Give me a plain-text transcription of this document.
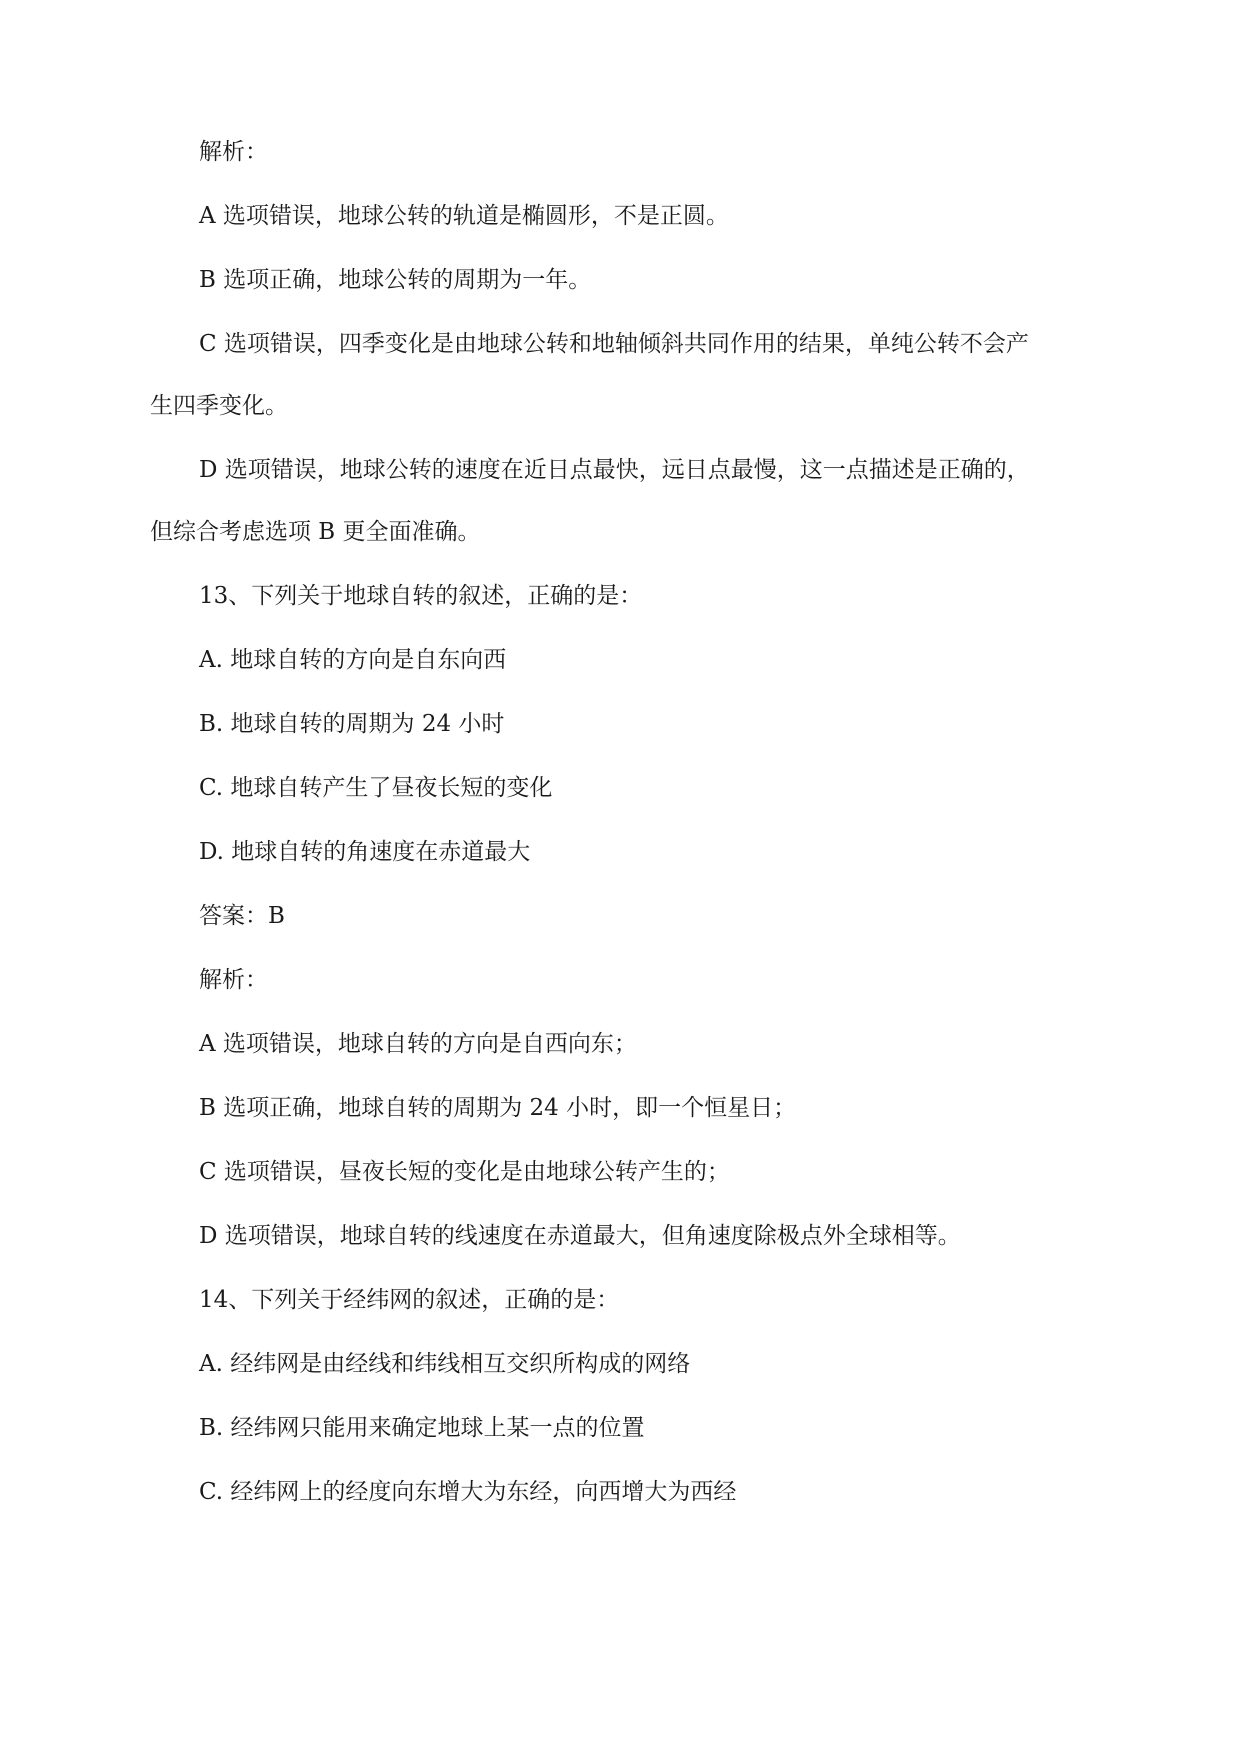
解析：
A 选项错误，地球公转的轨道是椭圆形，不是正圆。
B 选项正确，地球公转的周期为一年。
C 选项错误，四季变化是由地球公转和地轴倾斜共同作用的结果，单纯公转不会产
生四季变化。
D 选项错误，地球公转的速度在近日点最快，远日点最慢，这一点描述是正确的，
但综合考虑选项 B 更全面准确。
13、下列关于地球自转的叙述，正确的是：
A. 地球自转的方向是自东向西
B. 地球自转的周期为 24 小时
C. 地球自转产生了昼夜长短的变化
D. 地球自转的角速度在赤道最大
答案：B
解析：
A 选项错误，地球自转的方向是自西向东；
B 选项正确，地球自转的周期为 24 小时，即一个恒星日；
C 选项错误，昼夜长短的变化是由地球公转产生的；
D 选项错误，地球自转的线速度在赤道最大，但角速度除极点外全球相等。
14、下列关于经纬网的叙述，正确的是：
A. 经纬网是由经线和纬线相互交织所构成的网络
B. 经纬网只能用来确定地球上某一点的位置
C. 经纬网上的经度向东增大为东经，向西增大为西经
